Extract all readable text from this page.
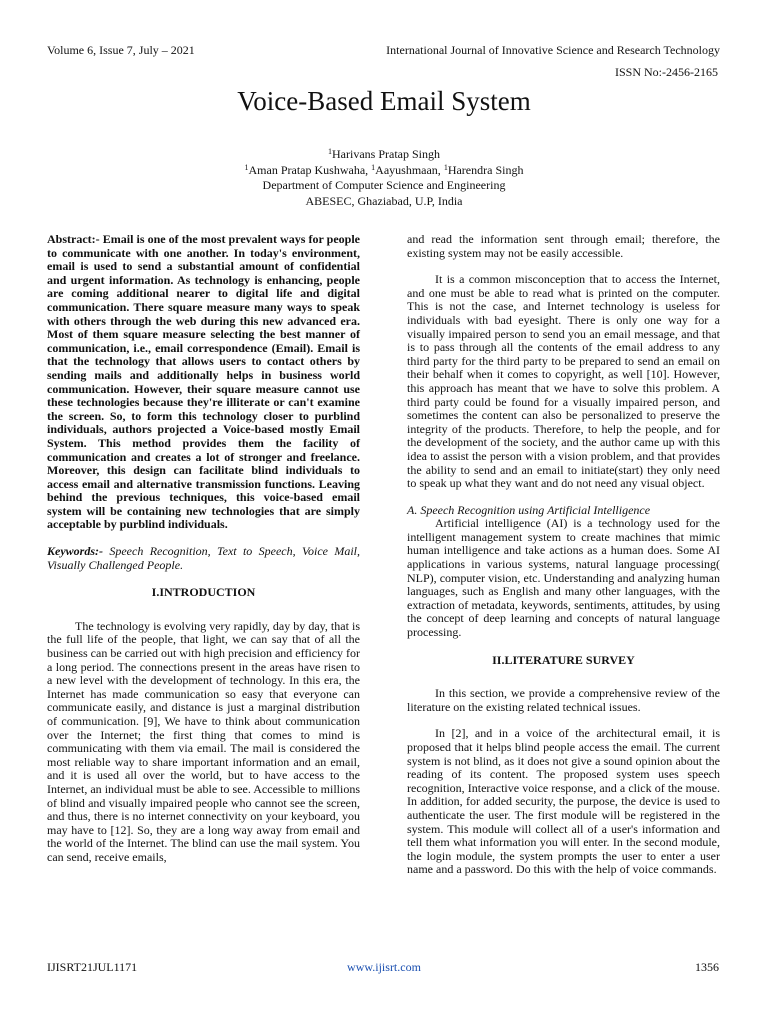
Volume 6, Issue 7, July – 2021	International Journal of Innovative Science and Research Technology
ISSN No:-2456-2165
Voice-Based Email System
$^1$Harivans Pratap Singh
$^1$Aman Pratap Kushwaha, $^1$Aayushmaan, $^1$Harendra Singh
Department of Computer Science and Engineering
ABESEC, Ghaziabad, U.P, India

Abstract:- Email is one of the most prevalent ways for people to communicate with one another. In today's environment, email is used to send a substantial amount of confidential and urgent information. As technology is enhancing, people are coming additional nearer to digital life and digital communication. There square measure many ways to speak with others through the web during this new advanced era. Most of them square measure selecting the best manner of communication, i.e., email correspondence (Email). Email is that the technology that allows users to contact others by sending mails and additionally helps in business world communication. However, their square measure cannot use these technologies because they're illiterate or can't examine the screen. So, to form this technology closer to purblind individuals, authors projected a Voice-based mostly Email System. This method provides them the facility of communication and creates a lot of stronger and freelance. Moreover, this design can facilitate blind individuals to access email and alternative transmission functions. Leaving behind the previous techniques, this voice-based email system will be containing new technologies that are simply acceptable by purblind individuals.

Keywords:- Speech Recognition, Text to Speech, Voice Mail, Visually Challenged People.

I.INTRODUCTION

The technology is evolving very rapidly, day by day, that is the full life of the people, that light, we can say that of all the business can be carried out with high precision and efficiency for a long period. The connections present in the areas have risen to a new level with the development of technology. In this era, the Internet has made communication so easy that everyone can communicate easily, and distance is just a marginal distribution of communication. [9], We have to think about communication over the Internet; the first thing that comes to mind is communicating with them via email. The mail is considered the most reliable way to share important information and an email, and it is used all over the world, but to have access to the Internet, an individual must be able to see. Accessible to millions of blind and visually impaired people who cannot see the screen, and thus, there is no internet connectivity on your keyboard, you may have to [12]. So, they are a long way away from email and the world of the Internet. The blind can use the mail system. You can send, receive emails,

and read the information sent through email; therefore, the existing system may not be easily accessible.

It is a common misconception that to access the Internet, and one must be able to read what is printed on the computer. This is not the case, and Internet technology is useless for individuals with bad eyesight. There is only one way for a visually impaired person to send you an email message, and that is to pass through all the contents of the email address to any third party for the third party to be prepared to send an email on their behalf when it comes to copyright, as well [10]. However, this approach has meant that we have to solve this problem. A third party could be found for a visually impaired person, and sometimes the content can also be personalized to preserve the integrity of the products. Therefore, to help the people, and for the development of the society, and the author came up with this idea to assist the person with a vision problem, and that provides the ability to send and an email to initiate(start) they only need to speak up what they want and do not need any visual object.

A. Speech Recognition using Artificial Intelligence

Artificial intelligence (AI) is a technology used for the intelligent management system to create machines that mimic human intelligence and take actions as a human does. Some AI applications in various systems, natural language processing( NLP), computer vision, etc. Understanding and analyzing human languages, such as English and many other languages, with the extraction of metadata, keywords, sentiments, attitudes, by using the concept of deep learning and concepts of natural language processing.

II.LITERATURE SURVEY

In this section, we provide a comprehensive review of the literature on the existing related technical issues.

In [2], and in a voice of the architectural email, it is proposed that it helps blind people access the email. The current system is not blind, as it does not give a sound opinion about the reading of its content. The proposed system uses speech recognition, Interactive voice response, and a click of the mouse. In addition, for added security, the purpose, the device is used to authenticate the user. The first module will be registered in the system. This module will collect all of a user's information and tell them what information you will enter. In the second module, the login module, the system prompts the user to enter a user name and a password. Do this with the help of voice commands.

IJISRT21JUL1171	www.ijisrt.com	1356
